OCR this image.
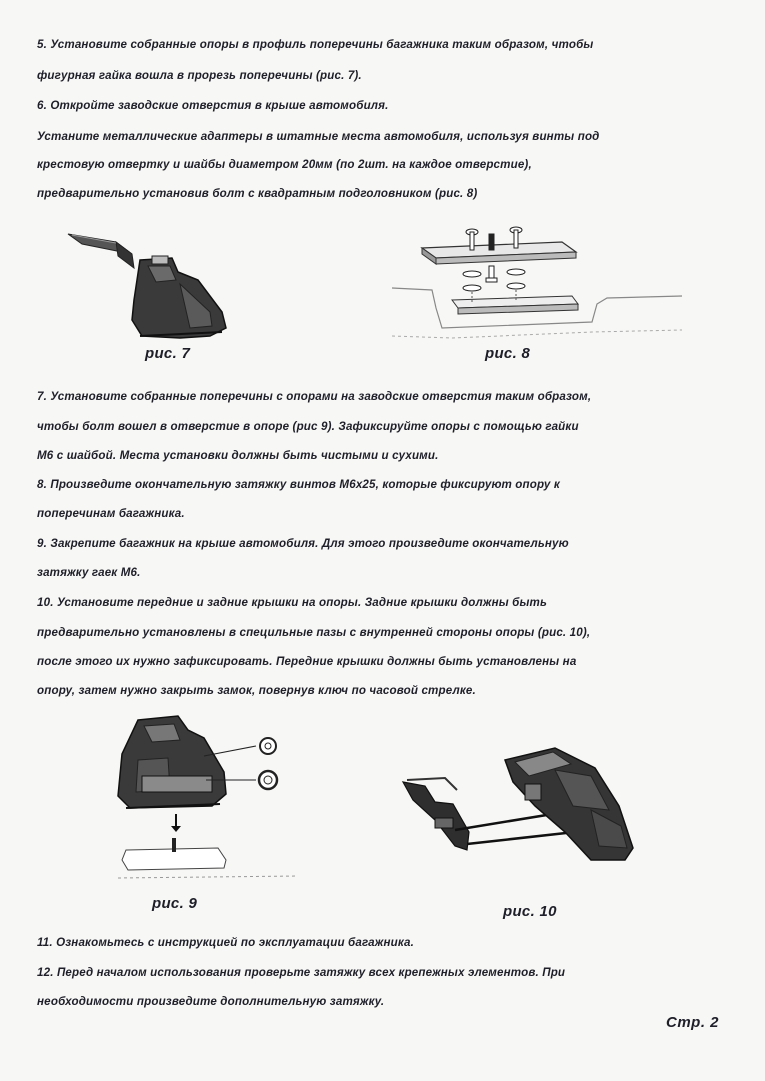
5. Установите собранные опоры в профиль поперечины багажника таким образом, чтобы
фигурная гайка вошла в прорезь поперечины (рис. 7).
6. Откройте заводские отверстия в крыше автомобиля.
Устаните металлические адаптеры в штатные места автомобиля, используя винты под
крестовую отвертку и шайбы диаметром 20мм (по 2шт. на каждое отверстие),
предварительно установив болт с квадратным подголовником (рис. 8)
рис. 7	рис. 8
7. Установите собранные поперечины с опорами на заводские отверстия таким образом,
чтобы болт вошел в отверстие в опоре (рис 9). Зафиксируйте опоры с помощью гайки
М6 с шайбой. Места установки должны быть чистыми и сухими.
8. Произведите окончательную затяжку винтов М6х25, которые фиксируют опору к
поперечинам багажника.
9. Закрепите багажник на крыше автомобиля. Для этого произведите окончательную
затяжку гаек М6.
10. Установите передние и задние крышки на опоры. Задние крышки должны быть
предварительно установлены в специльные пазы с внутренней стороны опоры (рис. 10),
после этого их нужно зафиксировать. Передние крышки должны быть установлены на
опору, затем нужно закрыть замок, повернув ключ по часовой стрелке.
рис. 9	рис. 10
11. Ознакомьтесь с инструкцией по эксплуатации багажника.
12. Перед началом использования проверьте затяжку всех крепежных элементов. При
необходимости произведите дополнительную затяжку.
Стр. 2
